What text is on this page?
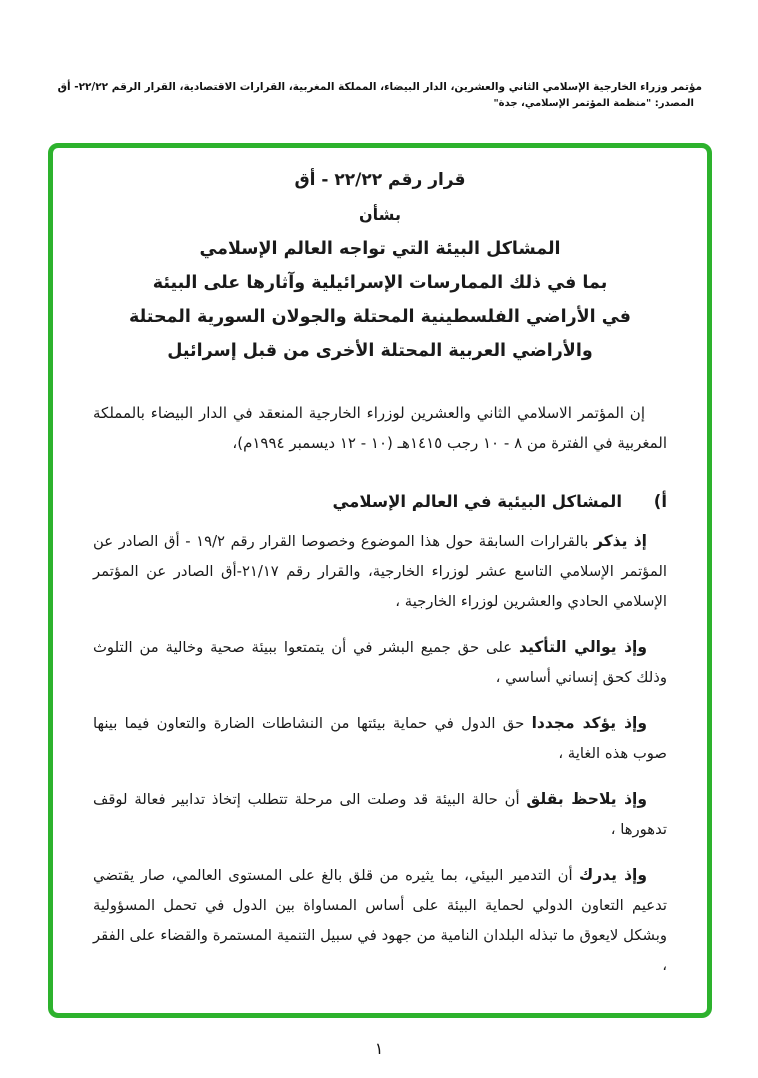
مؤتمر وزراء الخارجية الإسلامي الثاني والعشرين، الدار البيضاء، المملكة المغربية، القرارات الاقتصادية، القرار الرقم ٢٢/٢٢- أق
المصدر: "منظمة المؤتمر الإسلامي، جدة"
قرار رقم ٢٢/٢٢ - أق
بشأن
المشاكل البيئة التي تواجه العالم الإسلامي
بما في ذلك الممارسات الإسرائيلية وآثارها على البيئة
في الأراضي الفلسطينية المحتلة والجولان السورية المحتلة
والأراضي العربية المحتلة الأخرى من قبل إسرائيل

إن المؤتمر الاسلامي الثاني والعشرين لوزراء الخارجية المنعقد في الدار البيضاء بالمملكة المغربية في الفترة من ٨ - ١٠ رجب ١٤١٥هـ (١٠ - ١٢ ديسمبر ١٩٩٤م)،

أ) المشاكل البيئية في العالم الإسلامي

إذ يذكر بالقرارات السابقة حول هذا الموضوع وخصوصا القرار رقم ١٩/٢ - أق الصادر عن المؤتمر الإسلامي التاسع عشر لوزراء الخارجية، والقرار رقم ٢١/١٧-أق الصادر عن المؤتمر الإسلامي الحادي والعشرين لوزراء الخارجية ،

وإذ يوالي التأكيد على حق جميع البشر في أن يتمتعوا ببيئة صحية وخالية من التلوث وذلك كحق إنساني أساسي ،

وإذ يؤكد مجددا حق الدول في حماية بيئتها من النشاطات الضارة والتعاون فيما بينها صوب هذه الغاية ،

وإذ يلاحظ بقلق أن حالة البيئة قد وصلت الى مرحلة تتطلب إتخاذ تدابير فعالة لوقف تدهورها ،

وإذ يدرك أن التدمير البيئي، بما يثيره من قلق بالغ على المستوى العالمي، صار يقتضي تدعيم التعاون الدولي لحماية البيئة على أساس المساواة بين الدول في تحمل المسؤولية وبشكل لايعوق ما تبذله البلدان النامية من جهود في سبيل التنمية المستمرة والقضاء على الفقر ،

١
